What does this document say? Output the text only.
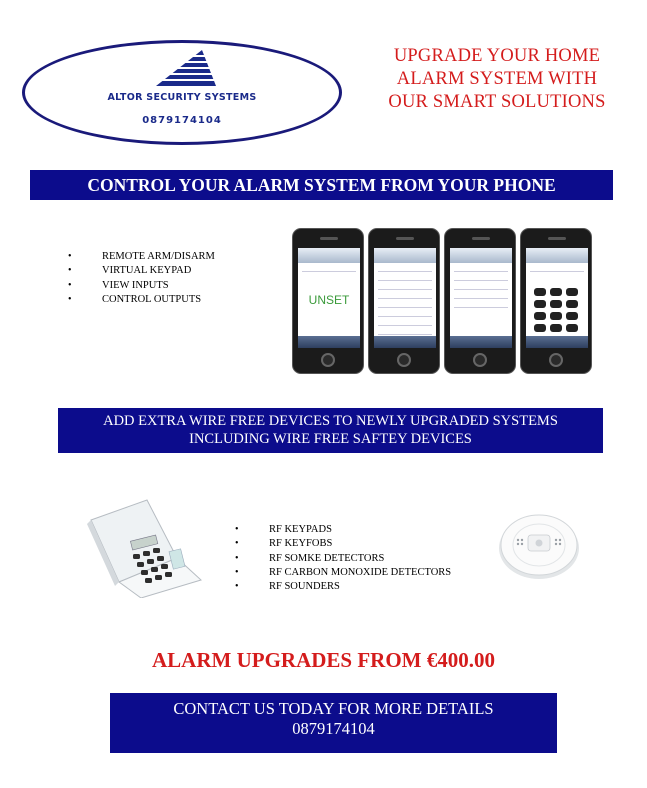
ALTOR SECURITY SYSTEMS
0879174104
UPGRADE YOUR HOME
ALARM SYSTEM WITH
OUR SMART SOLUTIONS
CONTROL YOUR ALARM SYSTEM FROM YOUR PHONE
• REMOTE ARM/DISARM
• VIRTUAL KEYPAD
• VIEW INPUTS
• CONTROL OUTPUTS	UNSET
ADD EXTRA WIRE FREE DEVICES TO NEWLY UPGRADED SYSTEMS
INCLUDING WIRE FREE SAFTEY DEVICES
• RF KEYPADS
• RF KEYFOBS
• RF SOMKE DETECTORS
• RF CARBON MONOXIDE DETECTORS
• RF SOUNDERS
ALARM UPGRADES FROM €400.00
CONTACT US TODAY FOR MORE DETAILS
0879174104
